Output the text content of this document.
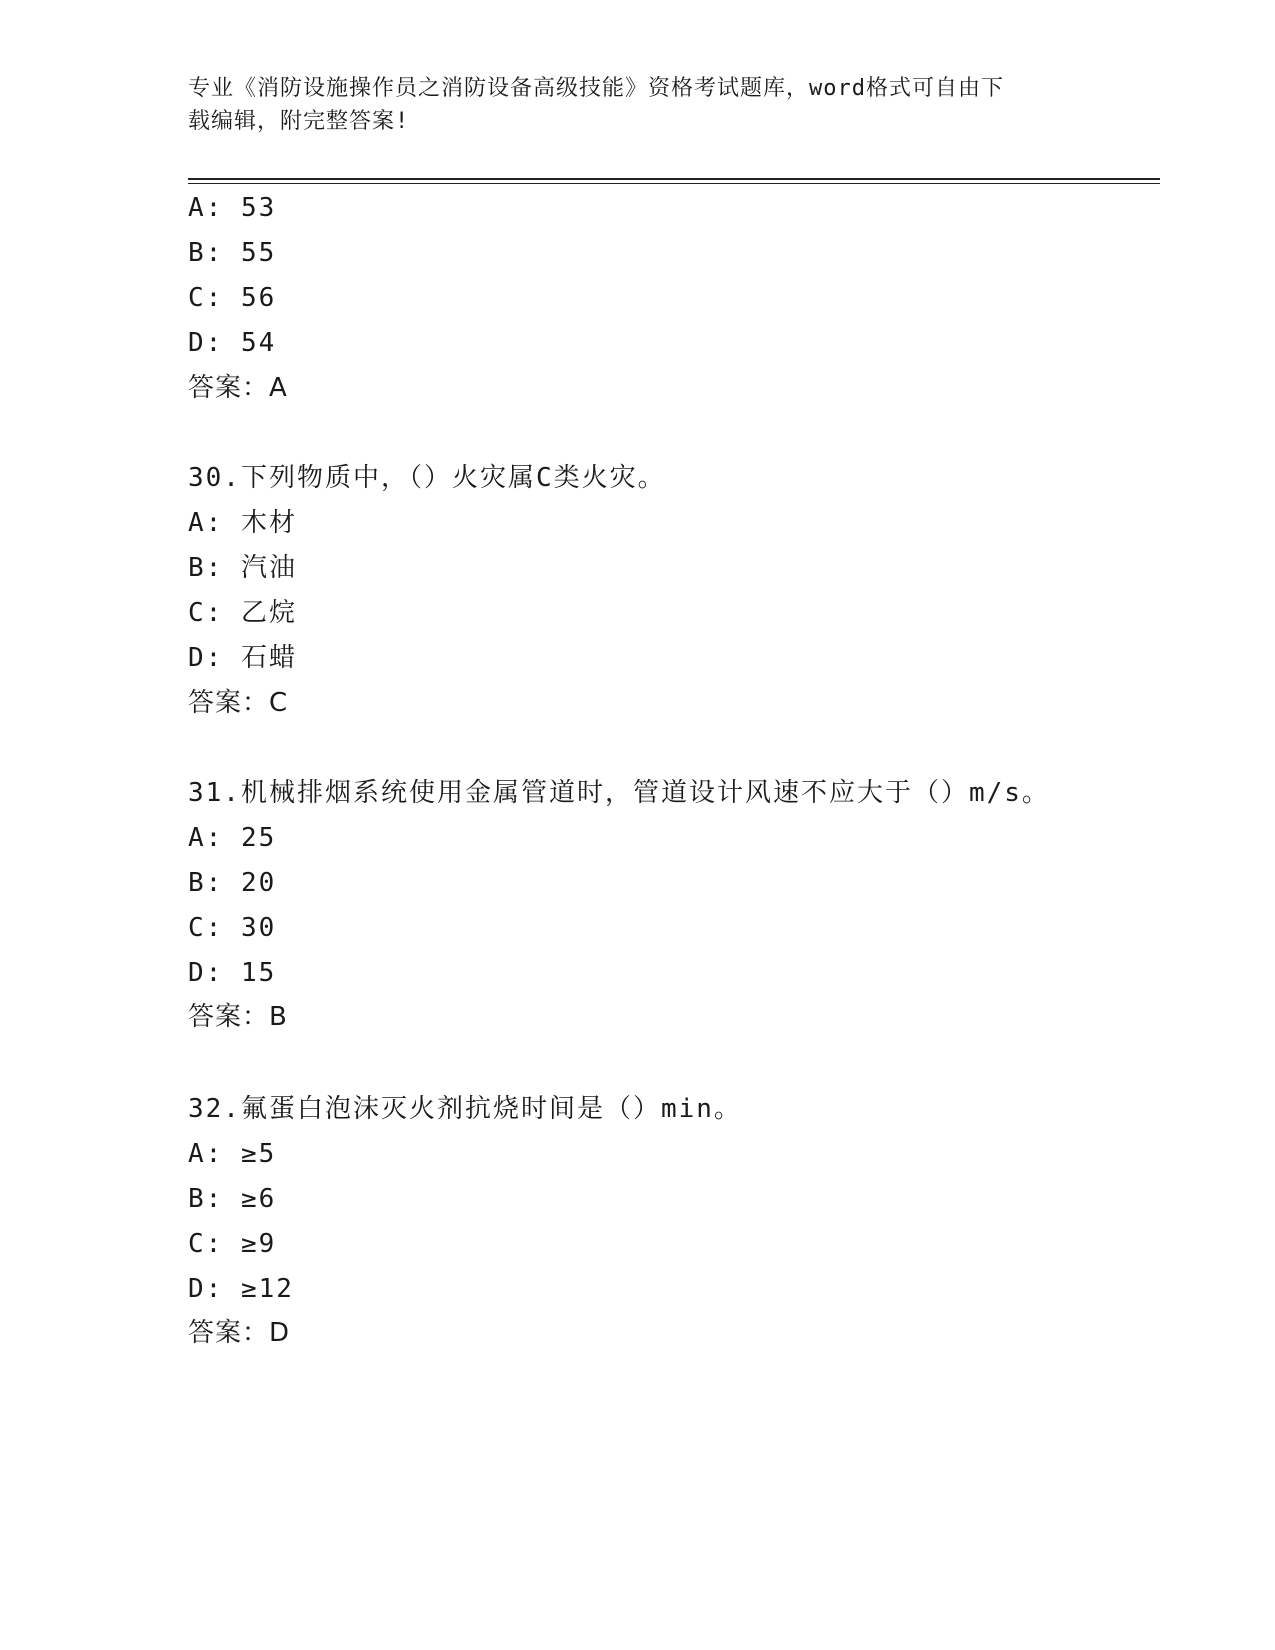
专业《消防设施操作员之消防设备高级技能》资格考试题库，word格式可自由下
载编辑，附完整答案!
A: 53
B: 55
C: 56
D: 54
答案：A
30.下列物质中，（）火灾属C类火灾。
A: 木材
B: 汽油
C: 乙烷
D: 石蜡
答案：C
31.机械排烟系统使用金属管道时，管道设计风速不应大于（）m/s。
A: 25
B: 20
C: 30
D: 15
答案：B
32.氟蛋白泡沫灭火剂抗烧时间是（）min。
A: ≥5
B: ≥6
C: ≥9
D: ≥12
答案：D
